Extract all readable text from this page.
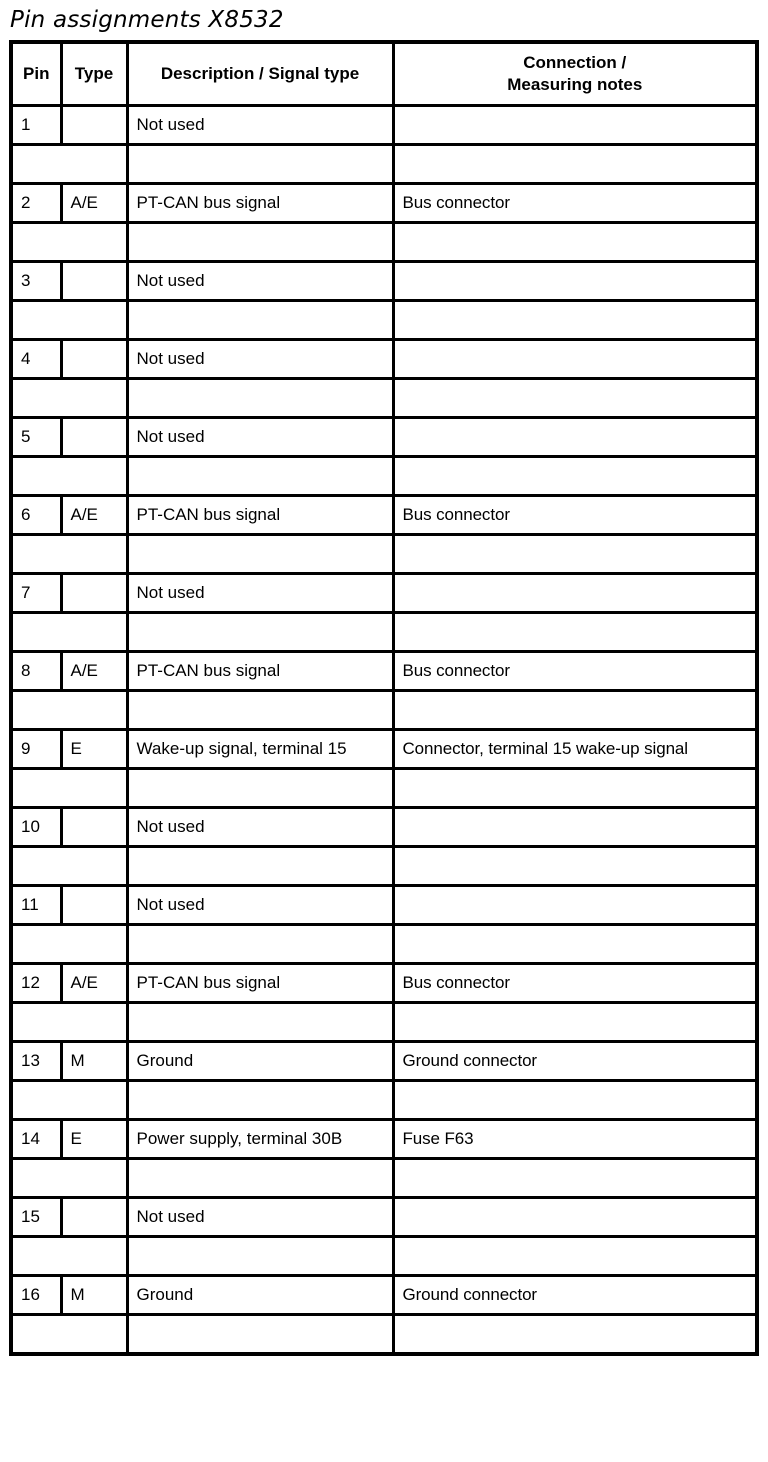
Pin assignments X8532
Pin	Type	Description / Signal type	Connection /
Measuring notes

1		Not used	

2	A/E	PT-CAN bus signal	Bus connector

3		Not used	

4		Not used	

5		Not used	

6	A/E	PT-CAN bus signal	Bus connector

7		Not used	

8	A/E	PT-CAN bus signal	Bus connector

9	E	Wake-up signal, terminal 15	Connector, terminal 15 wake-up signal

10		Not used	

11		Not used	

12	A/E	PT-CAN bus signal	Bus connector

13	M	Ground	Ground connector

14	E	Power supply, terminal 30B	Fuse F63

15		Not used	

16	M	Ground	Ground connector
